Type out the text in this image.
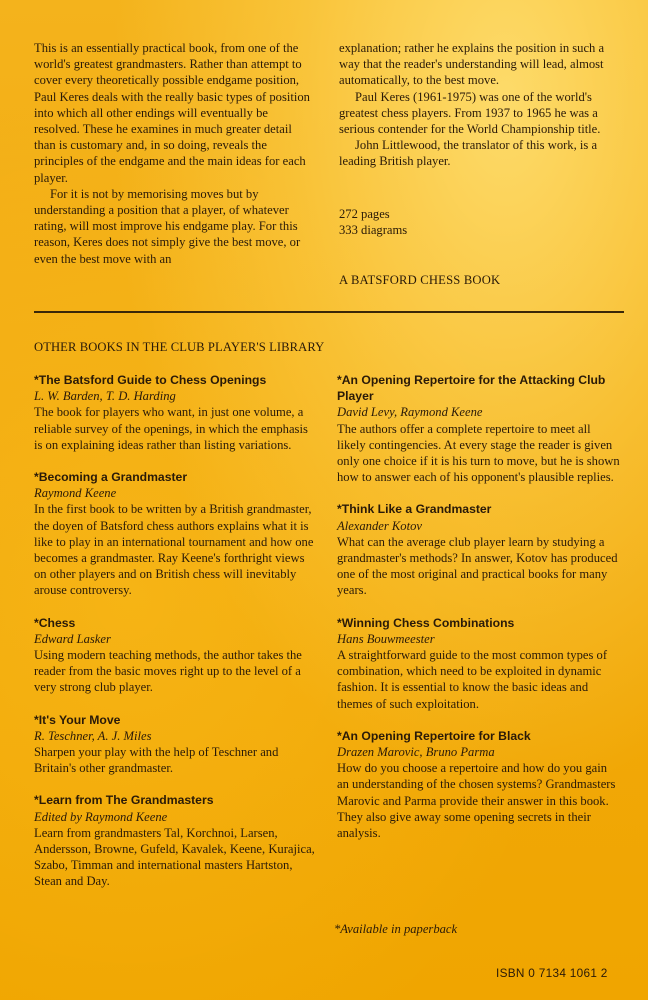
This is an essentially practical book, from one of the world's greatest grandmasters. Rather than attempt to cover every theoretically possible endgame position, Paul Keres deals with the really basic types of position into which all other endings will eventually be resolved. These he examines in much greater detail than is customary and, in so doing, reveals the principles of the endgame and the main ideas for each player.

For it is not by memorising moves but by understanding a position that a player, of whatever rating, will most improve his endgame play. For this reason, Keres does not simply give the best move, or even the best move with an

explanation; rather he explains the position in such a way that the reader's understanding will lead, almost automatically, to the best move.

Paul Keres (1961-1975) was one of the world's greatest chess players. From 1937 to 1965 he was a serious contender for the World Championship title.

John Littlewood, the translator of this work, is a leading British player.

272 pages
333 diagrams
A BATSFORD CHESS BOOK
OTHER BOOKS IN THE CLUB PLAYER'S LIBRARY
*The Batsford Guide to Chess Openings
L. W. Barden, T. D. Harding
The book for players who want, in just one volume, a reliable survey of the openings, in which the emphasis is on explaining ideas rather than listing variations.
*Becoming a Grandmaster
Raymond Keene
In the first book to be written by a British grandmaster, the doyen of Batsford chess authors explains what it is like to play in an international tournament and how one becomes a grandmaster. Ray Keene's forthright views on other players and on British chess will inevitably arouse controversy.
*Chess
Edward Lasker
Using modern teaching methods, the author takes the reader from the basic moves right up to the level of a very strong club player.
*It's Your Move
R. Teschner, A. J. Miles
Sharpen your play with the help of Teschner and Britain's other grandmaster.
*Learn from The Grandmasters
Edited by Raymond Keene
Learn from grandmasters Tal, Korchnoi, Larsen, Andersson, Browne, Gufeld, Kavalek, Keene, Kurajica, Szabo, Timman and international masters Hartston, Stean and Day.
*An Opening Repertoire for the Attacking Club Player
David Levy, Raymond Keene
The authors offer a complete repertoire to meet all likely contingencies. At every stage the reader is given only one choice if it is his turn to move, but he is shown how to answer each of his opponent's plausible replies.
*Think Like a Grandmaster
Alexander Kotov
What can the average club player learn by studying a grandmaster's methods? In answer, Kotov has produced one of the most original and practical books for many years.
*Winning Chess Combinations
Hans Bouwmeester
A straightforward guide to the most common types of combination, which need to be exploited in dynamic fashion. It is essential to know the basic ideas and themes of such exploitation.
*An Opening Repertoire for Black
Drazen Marovic, Bruno Parma
How do you choose a repertoire and how do you gain an understanding of the chosen systems? Grandmasters Marovic and Parma provide their answer in this book. They also give away some opening secrets in their analysis.
*Available in paperback
ISBN 0 7134 1061 2
